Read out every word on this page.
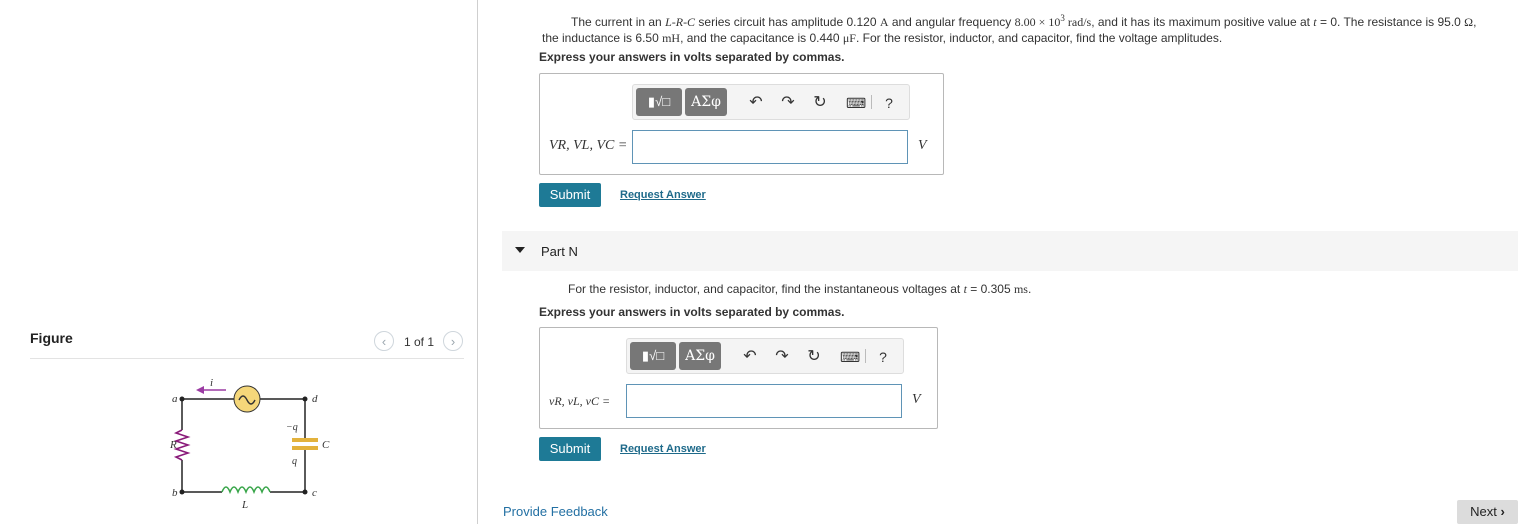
Figure	‹	1 of 1	›
a
b	c
d
R
L
C
i
−q
q
The current in an L-R-C series circuit has amplitude 0.120 A and angular frequency $8.00 \times 10^3$ rad/s, and it has its maximum positive value at t = 0. The resistance is 95.0 Ω,
the inductance is 6.50 mH, and the capacitance is 0.440 μF. For the resistor, inductor, and capacitor, find the voltage amplitudes.
Express your answers in volts separated by commas.
▮√□	ΑΣφ	↶ ↷ ↻ ⌨	?
VR, VL, VC =	V
Submit	Request Answer
Part N
For the resistor, inductor, and capacitor, find the instantaneous voltages at t = 0.305 ms.
Express your answers in volts separated by commas.
▮√□	ΑΣφ	↶ ↷ ↻ ⌨	?
vR, vL, vC =	V
Submit	Request Answer
Provide Feedback	Next ›
